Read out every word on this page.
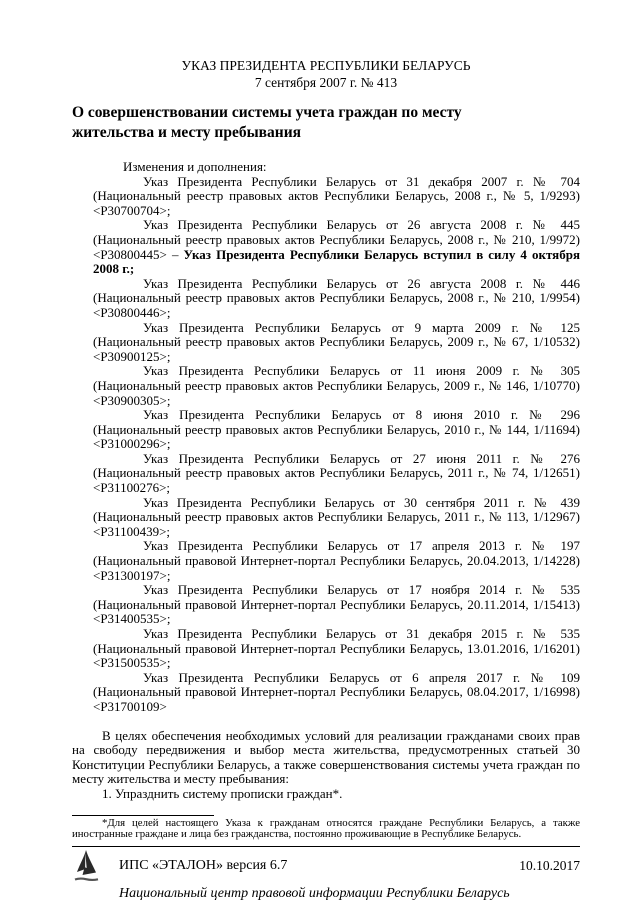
УКАЗ ПРЕЗИДЕНТА РЕСПУБЛИКИ БЕЛАРУСЬ
7 сентября 2007 г. № 413
О совершенствовании системы учета граждан по месту жительства и месту пребывания

Изменения и дополнения:

Указ Президента Республики Беларусь от 31 декабря 2007 г. № 704 (Национальный реестр правовых актов Республики Беларусь, 2008 г., № 5, 1/9293) <Р30700704>;

Указ Президента Республики Беларусь от 26 августа 2008 г. № 445 (Национальный реестр правовых актов Республики Беларусь, 2008 г., № 210, 1/9972) <Р30800445> – Указ Президента Республики Беларусь вступил в силу 4 октября 2008 г.;

Указ Президента Республики Беларусь от 26 августа 2008 г. № 446 (Национальный реестр правовых актов Республики Беларусь, 2008 г., № 210, 1/9954) <Р30800446>;

Указ Президента Республики Беларусь от 9 марта 2009 г. № 125 (Национальный реестр правовых актов Республики Беларусь, 2009 г., № 67, 1/10532) <Р30900125>;

Указ Президента Республики Беларусь от 11 июня 2009 г. № 305 (Национальный реестр правовых актов Республики Беларусь, 2009 г., № 146, 1/10770) <Р30900305>;

Указ Президента Республики Беларусь от 8 июня 2010 г. № 296 (Национальный реестр правовых актов Республики Беларусь, 2010 г., № 144, 1/11694) <Р31000296>;

Указ Президента Республики Беларусь от 27 июня 2011 г. № 276 (Национальный реестр правовых актов Республики Беларусь, 2011 г., № 74, 1/12651) <Р31100276>;

Указ Президента Республики Беларусь от 30 сентября 2011 г. № 439 (Национальный реестр правовых актов Республики Беларусь, 2011 г., № 113, 1/12967) <Р31100439>;

Указ Президента Республики Беларусь от 17 апреля 2013 г. № 197 (Национальный правовой Интернет-портал Республики Беларусь, 20.04.2013, 1/14228) <Р31300197>;

Указ Президента Республики Беларусь от 17 ноября 2014 г. № 535 (Национальный правовой Интернет-портал Республики Беларусь, 20.11.2014, 1/15413) <Р31400535>;

Указ Президента Республики Беларусь от 31 декабря 2015 г. № 535 (Национальный правовой Интернет-портал Республики Беларусь, 13.01.2016, 1/16201) <Р31500535>;

Указ Президента Республики Беларусь от 6 апреля 2017 г. № 109 (Национальный правовой Интернет-портал Республики Беларусь, 08.04.2017, 1/16998) <Р31700109>

В целях обеспечения необходимых условий для реализации гражданами своих прав на свободу передвижения и выбор места жительства, предусмотренных статьей 30 Конституции Республики Беларусь, а также совершенствования системы учета граждан по месту жительства и месту пребывания:

1. Упразднить систему прописки граждан*.

*Для целей настоящего Указа к гражданам относятся граждане Республики Беларусь, а также иностранные граждане и лица без гражданства, постоянно проживающие в Республике Беларусь.

ИПС «ЭТАЛОН» версия 6.7	10.10.2017
Национальный центр правовой информации Республики Беларусь
